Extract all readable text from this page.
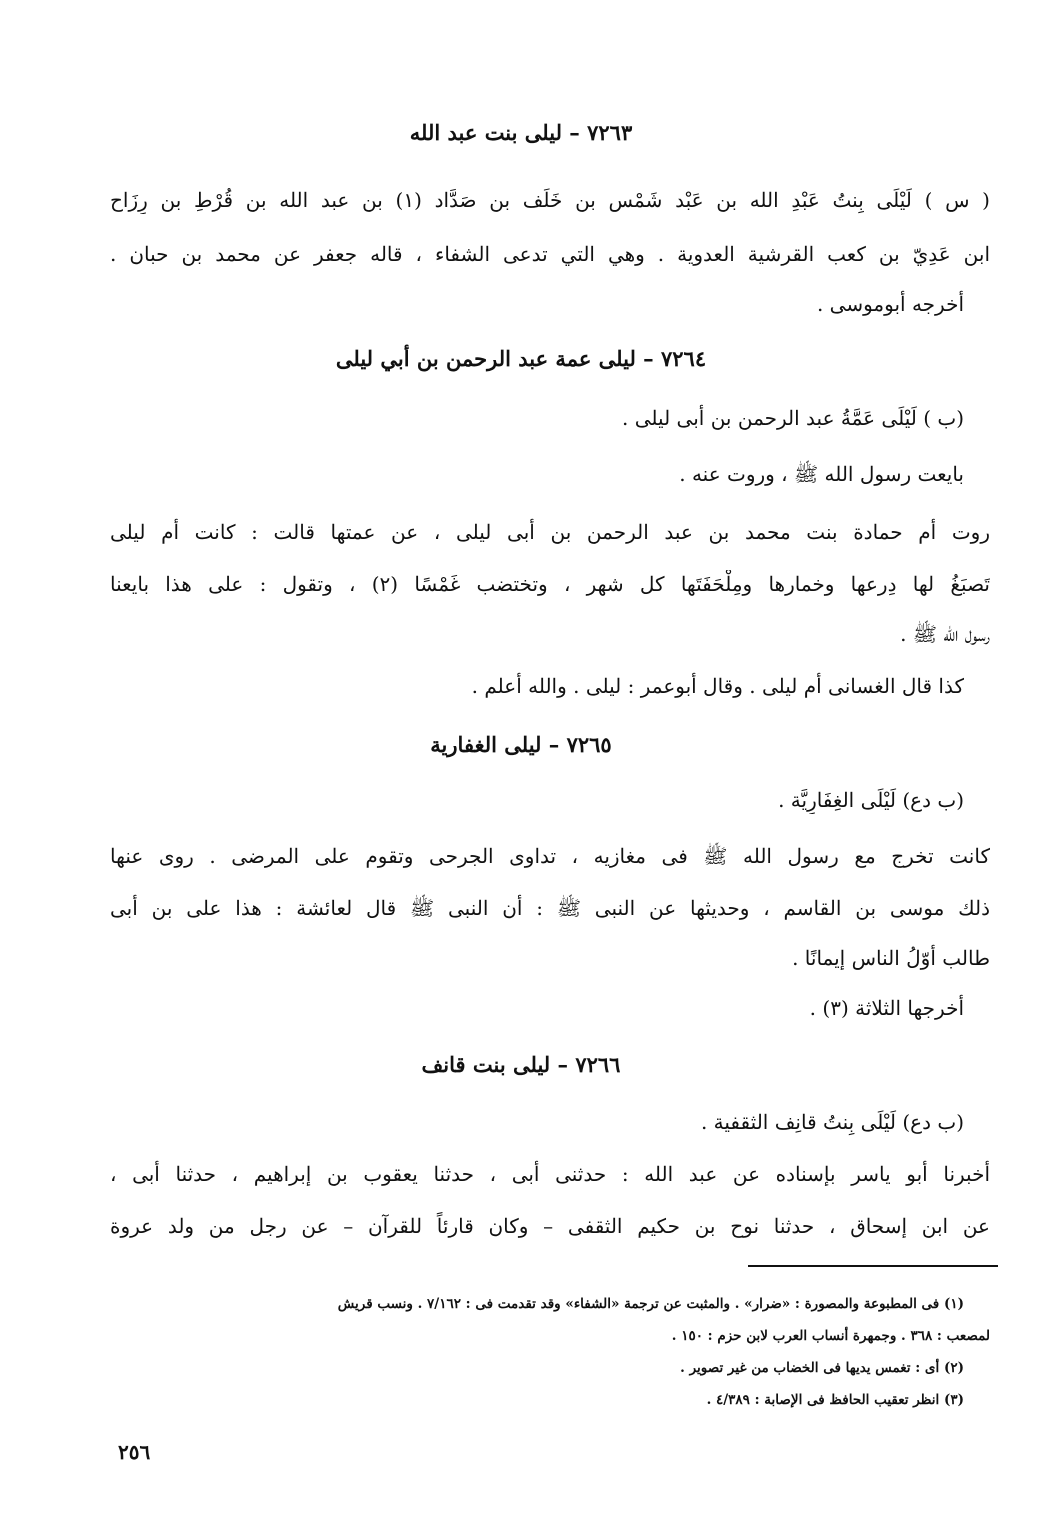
٧٢٦٣ – ليلى بنت عبد الله
( س ) لَيْلَى بِنتُ عَبْدِ الله بن عَبْد شَمْس بن خَلَف بن صَدَّاد (١) بن عبد الله بن قُرْطِ بن رِزَاح
ابن عَدِيّ بن كعب القرشية العدوية . وهي التي تدعى الشفاء ، قاله جعفر عن محمد بن حبان .
أخرجه أبوموسى .
٧٢٦٤ – ليلى عمة عبد الرحمن بن أبي ليلى
(ب ) لَيْلَى عَمَّةُ عبد الرحمن بن أبى ليلى .
بايعت رسول الله ﷺ ، وروت عنه .
روت أم حمادة بنت محمد بن عبد الرحمن بن أبى ليلى ، عن عمتها قالت : كانت أم ليلى
تَصبَغُ لها دِرعها وخمارها ومِلْحَفَتَها كل شهر ، وتختضب غَمْسًا (٢) ، وتقول : على هذا بايعنا
رسول الله ﷺ .
كذا قال الغسانى أم ليلى . وقال أبوعمر : ليلى . والله أعلم .
٧٢٦٥ – ليلى الغفارية
(ب دع) لَيْلَى الغِفَارِيَّة .
كانت تخرج مع رسول الله ﷺ فى مغازيه ، تداوى الجرحى وتقوم على المرضى . روى عنها
ذلك موسى بن القاسم ، وحديثها عن النبى ﷺ : أن النبى ﷺ قال لعائشة : هذا على بن أبى
طالب أوّلُ الناس إيمانًا .
أخرجها الثلاثة (٣) .
٧٢٦٦ – ليلى بنت قانف
(ب دع) لَيْلَى بِنتُ قانِف الثقفية .
أخبرنا أبو ياسر بإسناده عن عبد الله : حدثنى أبى ، حدثنا يعقوب بن إبراهيم ، حدثنا أبى ،
عن ابن إسحاق ، حدثنا نوح بن حكيم الثقفى – وكان قارئاً للقرآن – عن رجل من ولد عروة
(١) فى المطبوعة والمصورة : «ضرار» . والمثبت عن ترجمة «الشفاء» وقد تقدمت فى : ٧/١٦٢ . ونسب قريش
لمصعب : ٣٦٨ . وجمهرة أنساب العرب لابن حزم : ١٥٠ .
(٢) أى : تغمس يديها فى الخضاب من غير تصوير .
(٣) انظر تعقيب الحافظ فى الإصابة : ٤/٣٨٩ .
٢٥٦
